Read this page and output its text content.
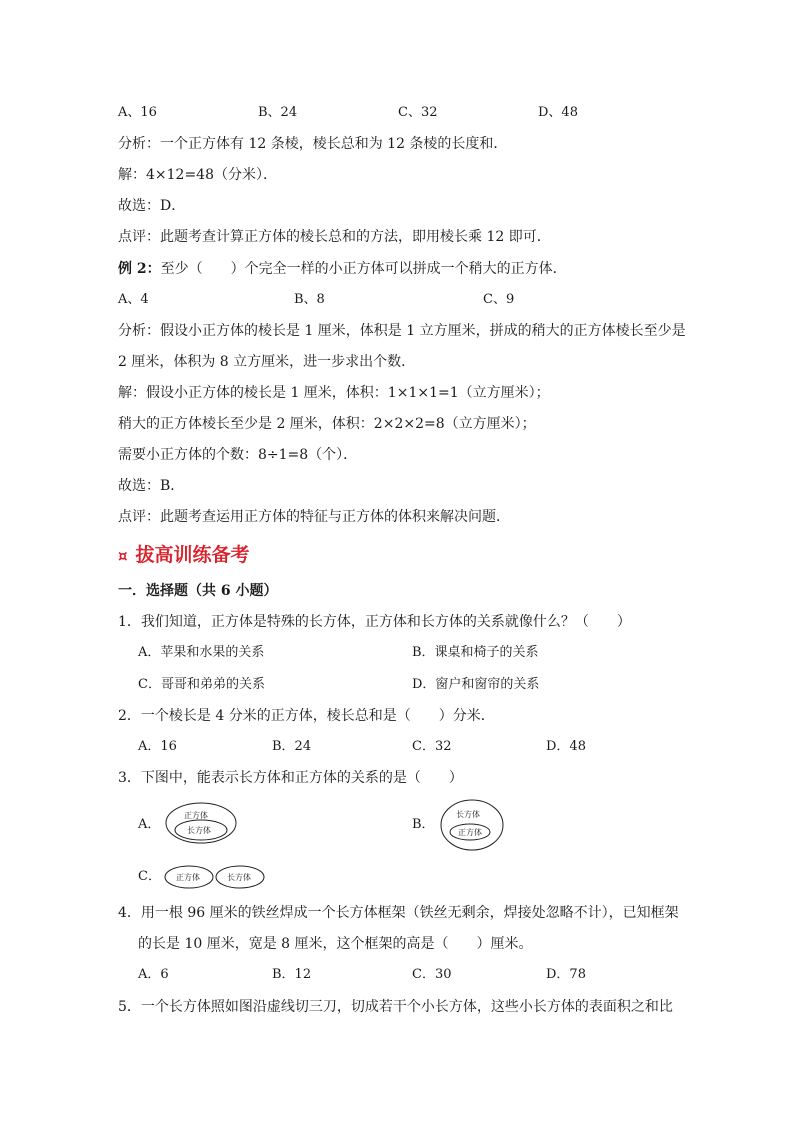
A、16	B、24	C、32	D、48
分析：一个正方体有 12 条棱，棱长总和为 12 条棱的长度和．
解：4×12=48（分米）．
故选：D．
点评：此题考查计算正方体的棱长总和的方法，即用棱长乘 12 即可．
例 2：至少（　　）个完全一样的小正方体可以拼成一个稍大的正方体．
A、4	B、8	C、9
分析：假设小正方体的棱长是 1 厘米，体积是 1 立方厘米，拼成的稍大的正方体棱长至少是
2 厘米，体积为 8 立方厘米，进一步求出个数．
解：假设小正方体的棱长是 1 厘米，体积：1×1×1=1（立方厘米）；
稍大的正方体棱长至少是 2 厘米，体积：2×2×2=8（立方厘米）；
需要小正方体的个数：8÷1=8（个）．
故选：B．
点评：此题考查运用正方体的特征与正方体的体积来解决问题．
¤ 拔高训练备考
一．选择题（共 6 小题）
1．我们知道，正方体是特殊的长方体，正方体和长方体的关系就像什么？（　　）
A．苹果和水果的关系	B．课桌和椅子的关系
C．哥哥和弟弟的关系	D．窗户和窗帘的关系
2．一个棱长是 4 分米的正方体，棱长总和是（　　）分米．
A．16	B．24	C．32	D．48
3．下图中，能表示长方体和正方体的关系的是（　　）
A．
正方体
长方体	B．
长方体
正方体
C． 正方体	长方体
4．用一根 96 厘米的铁丝焊成一个长方体框架（铁丝无剩余，焊接处忽略不计），已知框架
的长是 10 厘米，宽是 8 厘米，这个框架的高是（　　）厘米。
A．6	B．12	C．30	D．78
5．一个长方体照如图沿虚线切三刀，切成若干个小长方体，这些小长方体的表面积之和比
